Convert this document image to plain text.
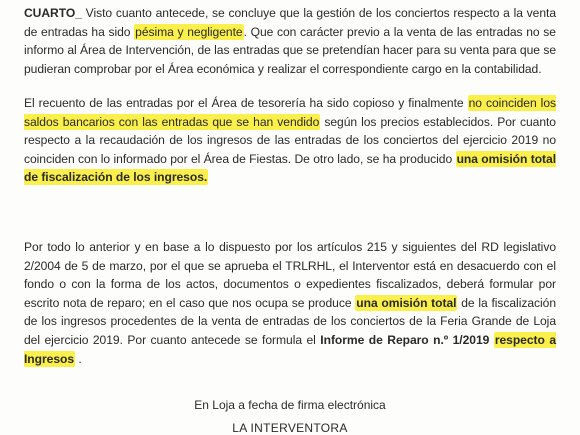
CUARTO_ Visto cuanto antecede, se concluye que la gestión de los conciertos respecto a la venta de entradas ha sido pésima y negligente. Que con carácter previo a la venta de las entradas no se informo al Área de Intervención, de las entradas que se pretendían hacer para su venta para que se pudieran comprobar por el Área económica y realizar el correspondiente cargo en la contabilidad.

El recuento de las entradas por el Área de tesorería ha sido copioso y finalmente no coinciden los saldos bancarios con las entradas que se han vendido según los precios establecidos. Por cuanto respecto a la recaudación de los ingresos de las entradas de los conciertos del ejercicio 2019 no coinciden con lo informado por el Área de Fiestas. De otro lado, se ha producido una omisión total de fiscalización de los ingresos.

Por todo lo anterior y en base a lo dispuesto por los artículos 215 y siguientes del RD legislativo 2/2004 de 5 de marzo, por el que se aprueba el TRLRHL, el Interventor está en desacuerdo con el fondo o con la forma de los actos, documentos o expedientes fiscalizados, deberá formular por escrito nota de reparo; en el caso que nos ocupa se produce una omisión total de la fiscalización de los ingresos procedentes de la venta de entradas de los conciertos de la Feria Grande de Loja del ejercicio 2019. Por cuanto antecede se formula el Informe de Reparo n.º 1/2019 respecto a Ingresos .

En Loja a fecha de firma electrónica

LA INTERVENTORA
